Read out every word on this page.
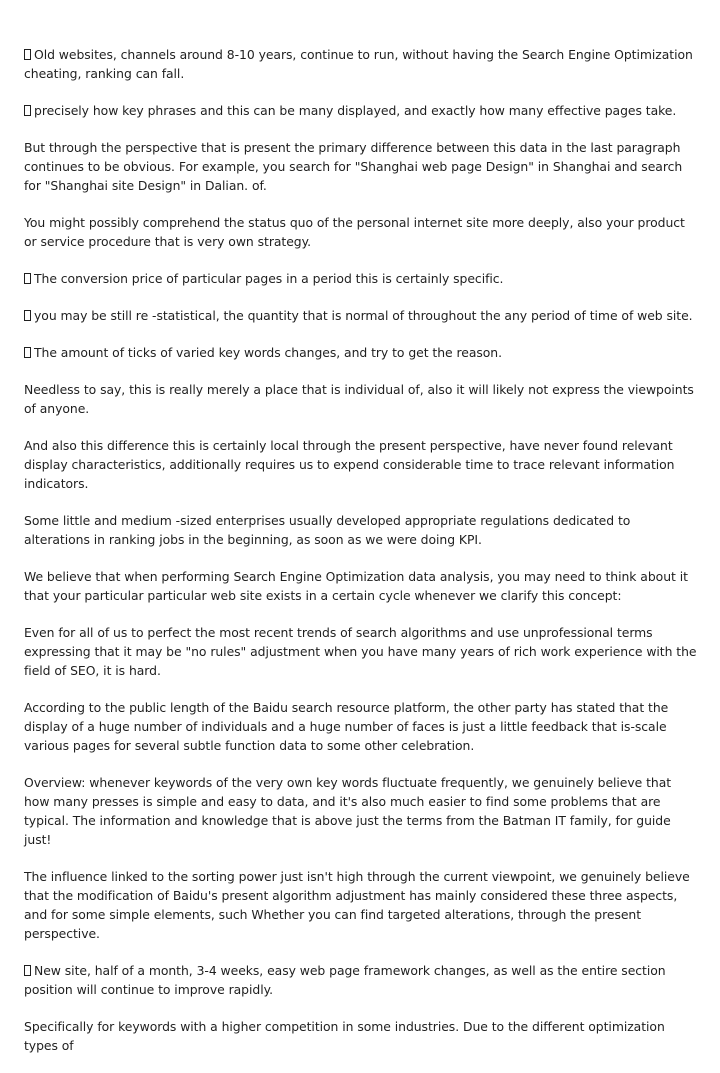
Old websites, channels around 8-10 years, continue to run, without having the Search Engine Optimization cheating, ranking can fall.

precisely how key phrases and this can be many displayed, and exactly how many effective pages take.

But through the perspective that is present the primary difference between this data in the last paragraph continues to be obvious. For example, you search for "Shanghai web page Design" in Shanghai and search for "Shanghai site Design" in Dalian. of.

You might possibly comprehend the status quo of the personal internet site more deeply, also your product or service procedure that is very own strategy.

The conversion price of particular pages in a period this is certainly specific.

you may be still re -statistical, the quantity that is normal of throughout the any period of time of web site.

The amount of ticks of varied key words changes, and try to get the reason.

Needless to say, this is really merely a place that is individual of, also it will likely not express the viewpoints of anyone.

And also this difference this is certainly local through the present perspective, have never found relevant display characteristics, additionally requires us to expend considerable time to trace relevant information indicators.

Some little and medium -sized enterprises usually developed appropriate regulations dedicated to alterations in ranking jobs in the beginning, as soon as we were doing KPI.

We believe that when performing Search Engine Optimization data analysis, you may need to think about it that your particular particular web site exists in a certain cycle whenever we clarify this concept:

Even for all of us to perfect the most recent trends of search algorithms and use unprofessional terms expressing that it may be "no rules" adjustment when you have many years of rich work experience with the field of SEO, it is hard.

According to the public length of the Baidu search resource platform, the other party has stated that the display of a huge number of individuals and a huge number of faces is just a little feedback that is-scale various pages for several subtle function data to some other celebration.

Overview: whenever keywords of the very own key words fluctuate frequently, we genuinely believe that how many presses is simple and easy to data, and it's also much easier to find some problems that are typical. The information and knowledge that is above just the terms from the Batman IT family, for guide just!

The influence linked to the sorting power just isn't high through the current viewpoint, we genuinely believe that the modification of Baidu's present algorithm adjustment has mainly considered these three aspects, and for some simple elements, such Whether you can find targeted alterations, through the present perspective.

New site, half of a month, 3-4 weeks, easy web page framework changes, as well as the entire section position will continue to improve rapidly.

Specifically for keywords with a higher competition in some industries. Due to the different optimization types of
